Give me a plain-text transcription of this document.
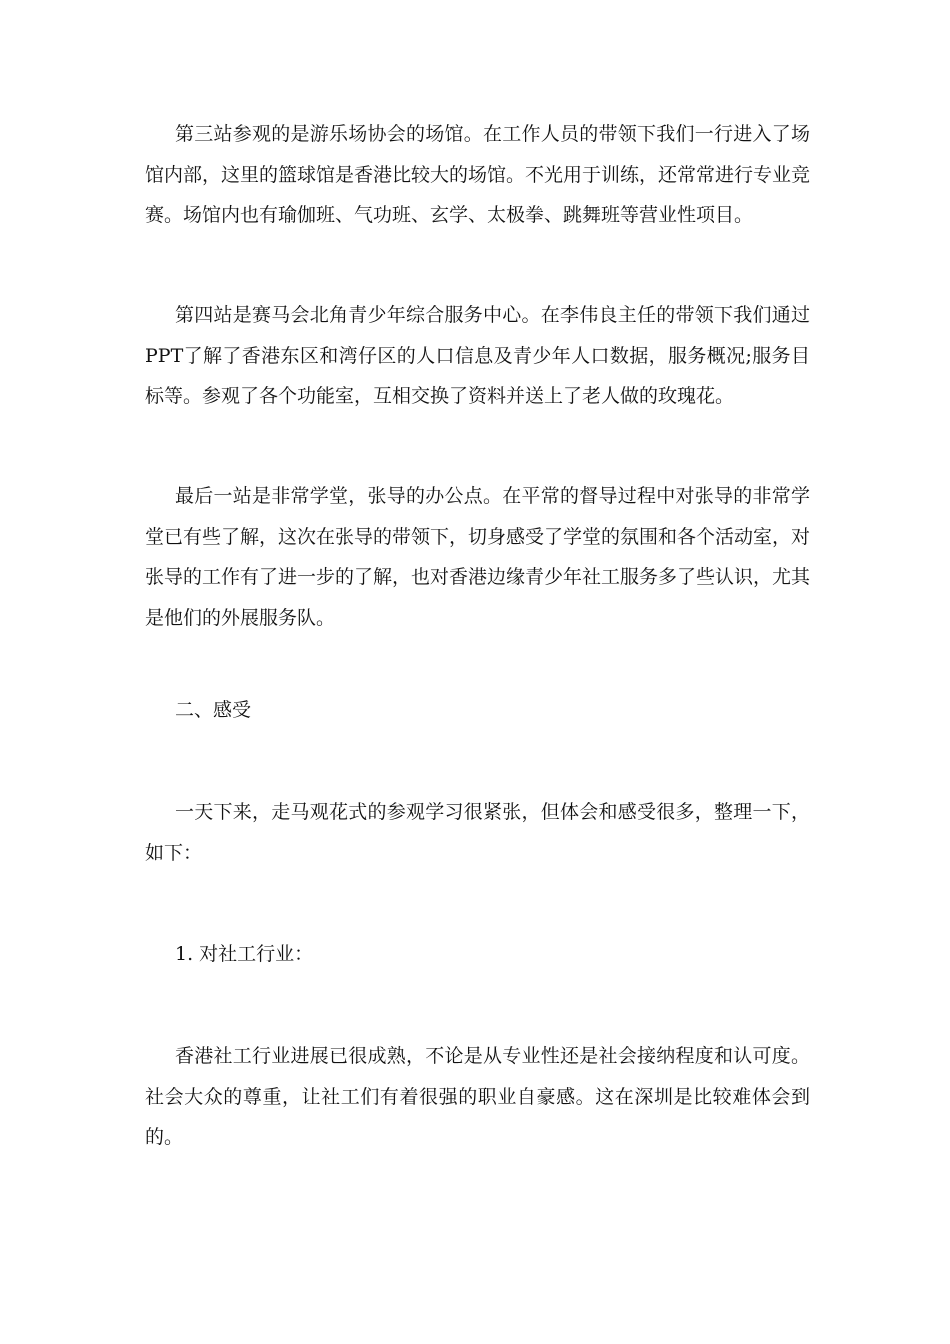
第三站参观的是游乐场协会的场馆。在工作人员的带领下我们一行进入了场馆内部，这里的篮球馆是香港比较大的场馆。不光用于训练，还常常进行专业竞赛。场馆内也有瑜伽班、气功班、玄学、太极拳、跳舞班等营业性项目。

第四站是赛马会北角青少年综合服务中心。在李伟良主任的带领下我们通过PPT了解了香港东区和湾仔区的人口信息及青少年人口数据，服务概况;服务目标等。参观了各个功能室，互相交换了资料并送上了老人做的玫瑰花。

最后一站是非常学堂，张导的办公点。在平常的督导过程中对张导的非常学堂已有些了解，这次在张导的带领下，切身感受了学堂的氛围和各个活动室，对张导的工作有了进一步的了解，也对香港边缘青少年社工服务多了些认识，尤其是他们的外展服务队。

二、感受

一天下来，走马观花式的参观学习很紧张，但体会和感受很多，整理一下，如下：

1. 对社工行业：

香港社工行业进展已很成熟，不论是从专业性还是社会接纳程度和认可度。社会大众的尊重，让社工们有着很强的职业自豪感。这在深圳是比较难体会到的。
